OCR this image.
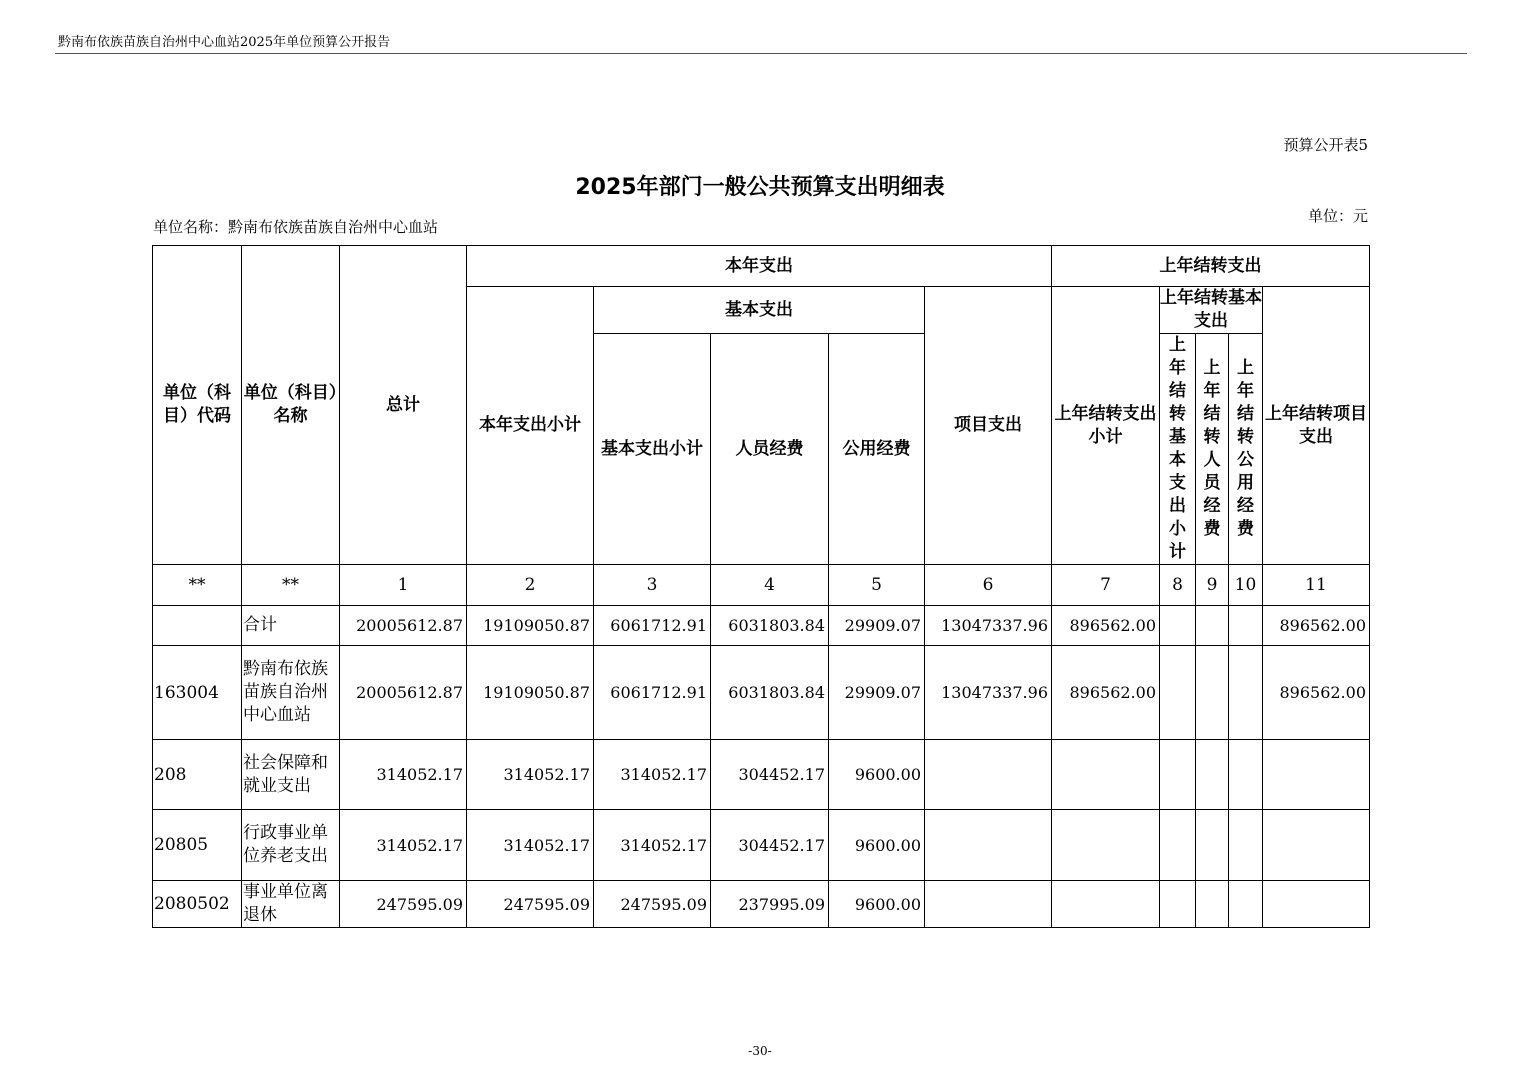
黔南布依族苗族自治州中心血站2025年单位预算公开报告
预算公开表5
2025年部门一般公共预算支出明细表
单位名称：黔南布依族苗族自治州中心血站
单位：元
单位（科目）代码	单位（科目）名称	总计	本年支出					上年结转支出				
			本年支出小计	基本支出			项目支出	上年结转支出小计	上年结转基本支出			上年结转项目支出
				基本支出小计	人员经费	公用经费			上年结转基本支出小计	上年结转人员经费	上年结转公用经费	

**	**	1	2	3	4	5	6	7	8	9	10	11
	合计	20005612.87	19109050.87	6061712.91	6031803.84	29909.07	13047337.96	896562.00				896562.00
163004	黔南布依族苗族自治州中心血站	20005612.87	19109050.87	6061712.91	6031803.84	29909.07	13047337.96	896562.00				896562.00
208	社会保障和就业支出	314052.17	314052.17	314052.17	304452.17	9600.00						
20805	行政事业单位养老支出	314052.17	314052.17	314052.17	304452.17	9600.00						
2080502	事业单位离退休	247595.09	247595.09	247595.09	237995.09	9600.00						
-30-
